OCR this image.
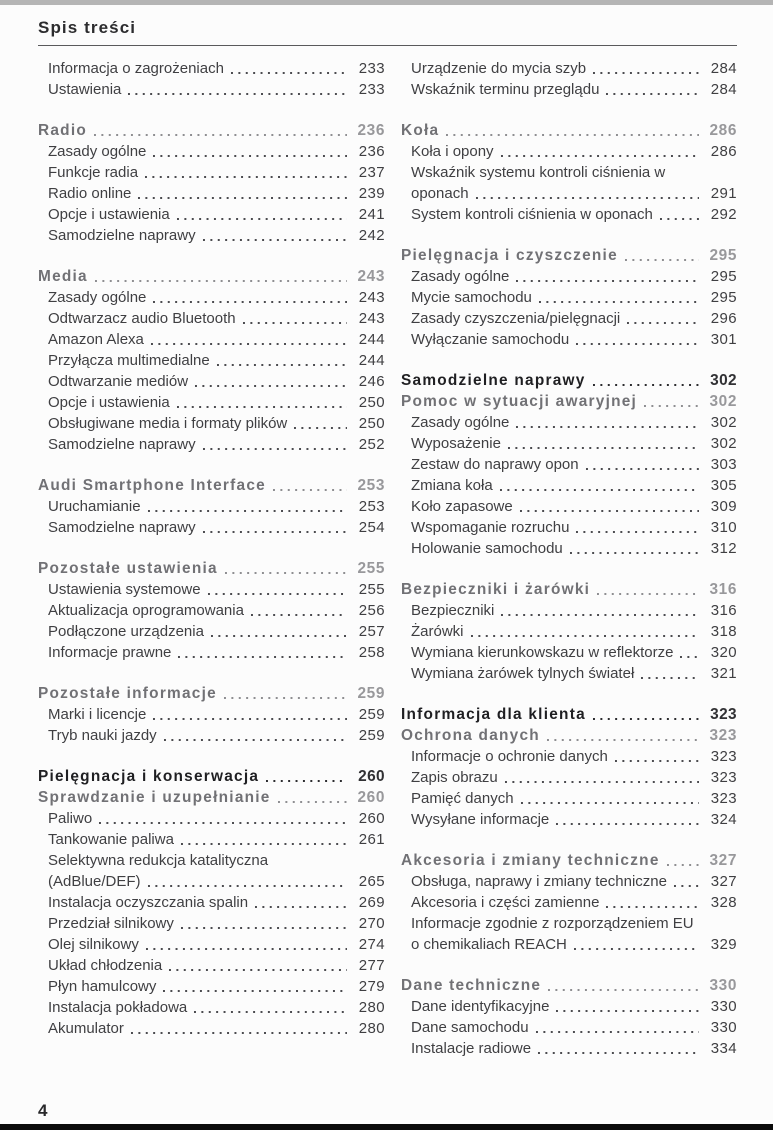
Spis treści
Informacja o zagrożeniach	233
Ustawienia	233
Radio	236
Zasady ogólne	236
Funkcje radia	237
Radio online	239
Opcje i ustawienia	241
Samodzielne naprawy	242
Media	243
Zasady ogólne	243
Odtwarzacz audio Bluetooth	243
Amazon Alexa	244
Przyłącza multimedialne	244
Odtwarzanie mediów	246
Opcje i ustawienia	250
Obsługiwane media i formaty plików	250
Samodzielne naprawy	252
Audi Smartphone Interface	253
Uruchamianie	253
Samodzielne naprawy	254
Pozostałe ustawienia	255
Ustawienia systemowe	255
Aktualizacja oprogramowania	256
Podłączone urządzenia	257
Informacje prawne	258
Pozostałe informacje	259
Marki i licencje	259
Tryb nauki jazdy	259
Pielęgnacja i konserwacja	260
Sprawdzanie i uzupełnianie	260
Paliwo	260
Tankowanie paliwa	261
Selektywna redukcja katalityczna
(AdBlue/DEF)	265
Instalacja oczyszczania spalin	269
Przedział silnikowy	270
Olej silnikowy	274
Układ chłodzenia	277
Płyn hamulcowy	279
Instalacja pokładowa	280
Akumulator	280
Urządzenie do mycia szyb	284
Wskaźnik terminu przeglądu	284
Koła	286
Koła i opony	286
Wskaźnik systemu kontroli ciśnienia w
oponach	291
System kontroli ciśnienia w oponach	292
Pielęgnacja i czyszczenie	295
Zasady ogólne	295
Mycie samochodu	295
Zasady czyszczenia/pielęgnacji	296
Wyłączanie samochodu	301
Samodzielne naprawy	302
Pomoc w sytuacji awaryjnej	302
Zasady ogólne	302
Wyposażenie	302
Zestaw do naprawy opon	303
Zmiana koła	305
Koło zapasowe	309
Wspomaganie rozruchu	310
Holowanie samochodu	312
Bezpieczniki i żarówki	316
Bezpieczniki	316
Żarówki	318
Wymiana kierunkowskazu w reflektorze	320
Wymiana żarówek tylnych świateł	321
Informacja dla klienta	323
Ochrona danych	323
Informacje o ochronie danych	323
Zapis obrazu	323
Pamięć danych	323
Wysyłane informacje	324
Akcesoria i zmiany techniczne	327
Obsługa, naprawy i zmiany techniczne	327
Akcesoria i części zamienne	328
Informacje zgodnie z rozporządzeniem EU
o chemikaliach REACH	329
Dane techniczne	330
Dane identyfikacyjne	330
Dane samochodu	330
Instalacje radiowe	334
4
